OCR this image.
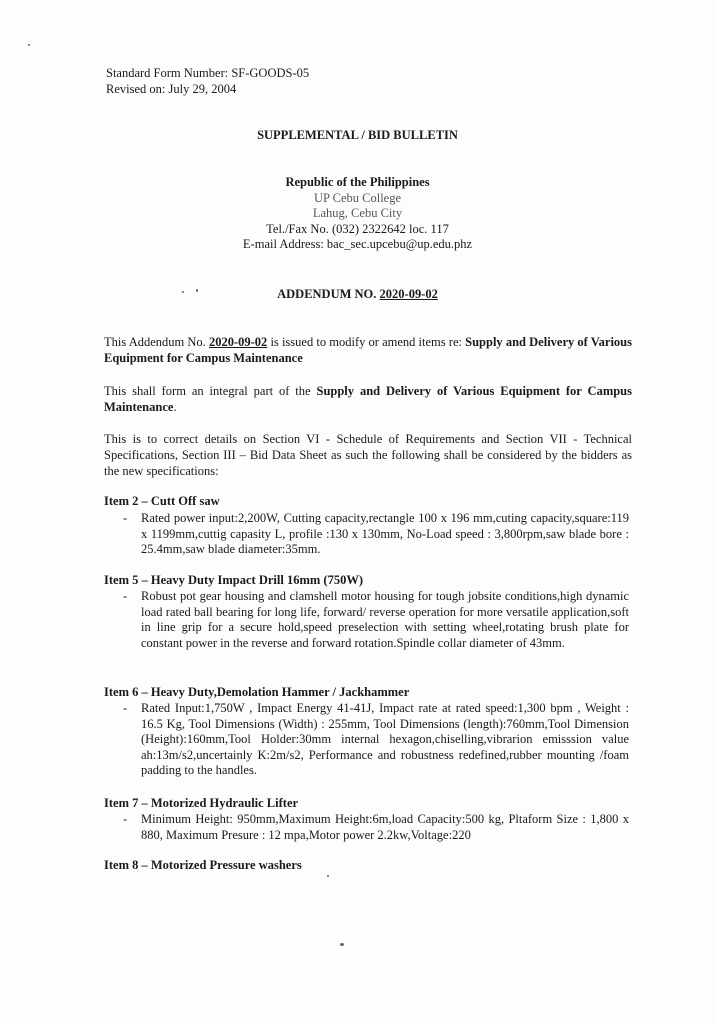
Standard Form Number: SF-GOODS-05
Revised on: July 29, 2004
SUPPLEMENTAL / BID BULLETIN
Republic of the Philippines
UP Cebu College
Lahug, Cebu City
Tel./Fax No. (032) 2322642 loc. 117
E-mail Address: bac_sec.upcebu@up.edu.phz
ADDENDUM NO. 2020-09-02
This Addendum No. 2020-09-02 is issued to modify or amend items re: Supply and Delivery of Various Equipment for Campus Maintenance
This shall form an integral part of the Supply and Delivery of Various Equipment for Campus Maintenance.
This is to correct details on Section VI - Schedule of Requirements and Section VII - Technical Specifications, Section III – Bid Data Sheet as such the following shall be considered by the bidders as the new specifications:
Item 2 – Cutt Off saw
- Rated power input:2,200W, Cutting capacity,rectangle 100 x 196 mm,cuting capacity,square:119 x 1199mm,cuttig capasity L, profile :130 x 130mm, No-Load speed : 3,800rpm,saw blade bore : 25.4mm,saw blade diameter:35mm.
Item 5 – Heavy Duty Impact Drill 16mm (750W)
- Robust pot gear housing and clamshell motor housing for tough jobsite conditions,high dynamic load rated ball bearing for long life, forward/ reverse operation for more versatile application,soft in line grip for a secure hold,speed preselection with setting wheel,rotating brush plate for constant power in the reverse and forward rotation.Spindle collar diameter of 43mm.
Item 6 – Heavy Duty,Demolation Hammer / Jackhammer
- Rated Input:1,750W , Impact Energy 41-41J, Impact rate at rated speed:1,300 bpm , Weight : 16.5 Kg, Tool Dimensions (Width) : 255mm, Tool Dimensions (length):760mm,Tool Dimension (Height):160mm,Tool Holder:30mm internal hexagon,chiselling,vibrarion emisssion value ah:13m/s2,uncertainly K:2m/s2, Performance and robustness redefined,rubber mounting /foam padding to the handles.
Item 7 – Motorized Hydraulic Lifter
- Minimum Height: 950mm,Maximum Height:6m,load Capacity:500 kg, Pltaform Size : 1,800 x 880, Maximum Presure : 12 mpa,Motor power 2.2kw,Voltage:220
Item 8 – Motorized Pressure washers
